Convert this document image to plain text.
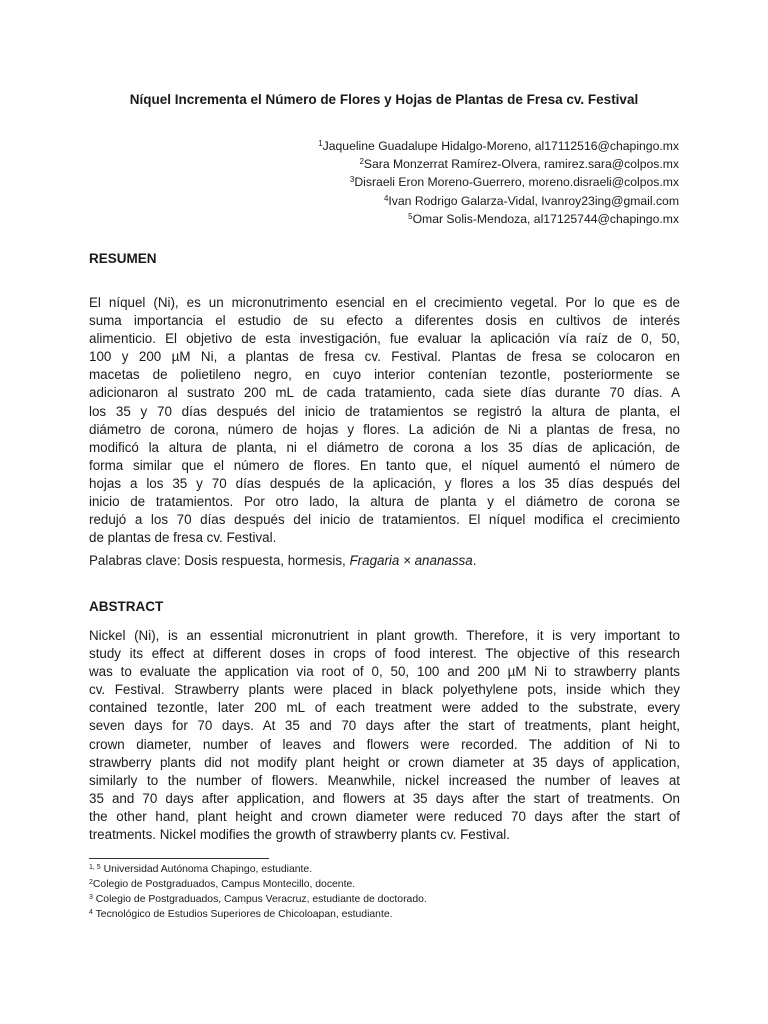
Níquel Incrementa el Número de Flores y Hojas de Plantas de Fresa cv. Festival
$^1$Jaqueline Guadalupe Hidalgo-Moreno, al17112516@chapingo.mx
$^2$Sara Monzerrat Ramírez-Olvera, ramirez.sara@colpos.mx
$^3$Disraeli Eron Moreno-Guerrero, moreno.disraeli@colpos.mx
$^4$Ivan Rodrigo Galarza-Vidal, Ivanroy23ing@gmail.com
$^5$Omar Solis-Mendoza, al17125744@chapingo.mx
RESUMEN

El níquel (Ni), es un micronutrimento esencial en el crecimiento vegetal. Por lo que es de
suma importancia el estudio de su efecto a diferentes dosis en cultivos de interés
alimenticio. El objetivo de esta investigación, fue evaluar la aplicación vía raíz de 0, 50,
100 y 200 µM Ni, a plantas de fresa cv. Festival. Plantas de fresa se colocaron en
macetas de polietileno negro, en cuyo interior contenían tezontle, posteriormente se
adicionaron al sustrato 200 mL de cada tratamiento, cada siete días durante 70 días. A
los 35 y 70 días después del inicio de tratamientos se registró la altura de planta, el
diámetro de corona, número de hojas y flores. La adición de Ni a plantas de fresa, no
modificó la altura de planta, ni el diámetro de corona a los 35 días de aplicación, de
forma similar que el número de flores. En tanto que, el níquel aumentó el número de
hojas a los 35 y 70 días después de la aplicación, y flores a los 35 días después del
inicio de tratamientos. Por otro lado, la altura de planta y el diámetro de corona se
redujó a los 70 días después del inicio de tratamientos. El níquel modifica el crecimiento
de plantas de fresa cv. Festival.

Palabras clave: Dosis respuesta, hormesis, Fragaria × ananassa.
ABSTRACT

Nickel (Ni), is an essential micronutrient in plant growth. Therefore, it is very important to
study its effect at different doses in crops of food interest. The objective of this research
was to evaluate the application via root of 0, 50, 100 and 200 µM Ni to strawberry plants
cv. Festival. Strawberry plants were placed in black polyethylene pots, inside which they
contained tezontle, later 200 mL of each treatment were added to the substrate, every
seven days for 70 days. At 35 and 70 days after the start of treatments, plant height,
crown diameter, number of leaves and flowers were recorded. The addition of Ni to
strawberry plants did not modify plant height or crown diameter at 35 days of application,
similarly to the number of flowers. Meanwhile, nickel increased the number of leaves at
35 and 70 days after application, and flowers at 35 days after the start of treatments. On
the other hand, plant height and crown diameter were reduced 70 days after the start of
treatments. Nickel modifies the growth of strawberry plants cv. Festival.

$^{1, 5}$ Universidad Autónoma Chapingo, estudiante.
$^2$Colegio de Postgraduados, Campus Montecillo, docente.
$^3$ Colegio de Postgraduados, Campus Veracruz, estudiante de doctorado.
$^4$ Tecnológico de Estudios Superiores de Chicoloapan, estudiante.
